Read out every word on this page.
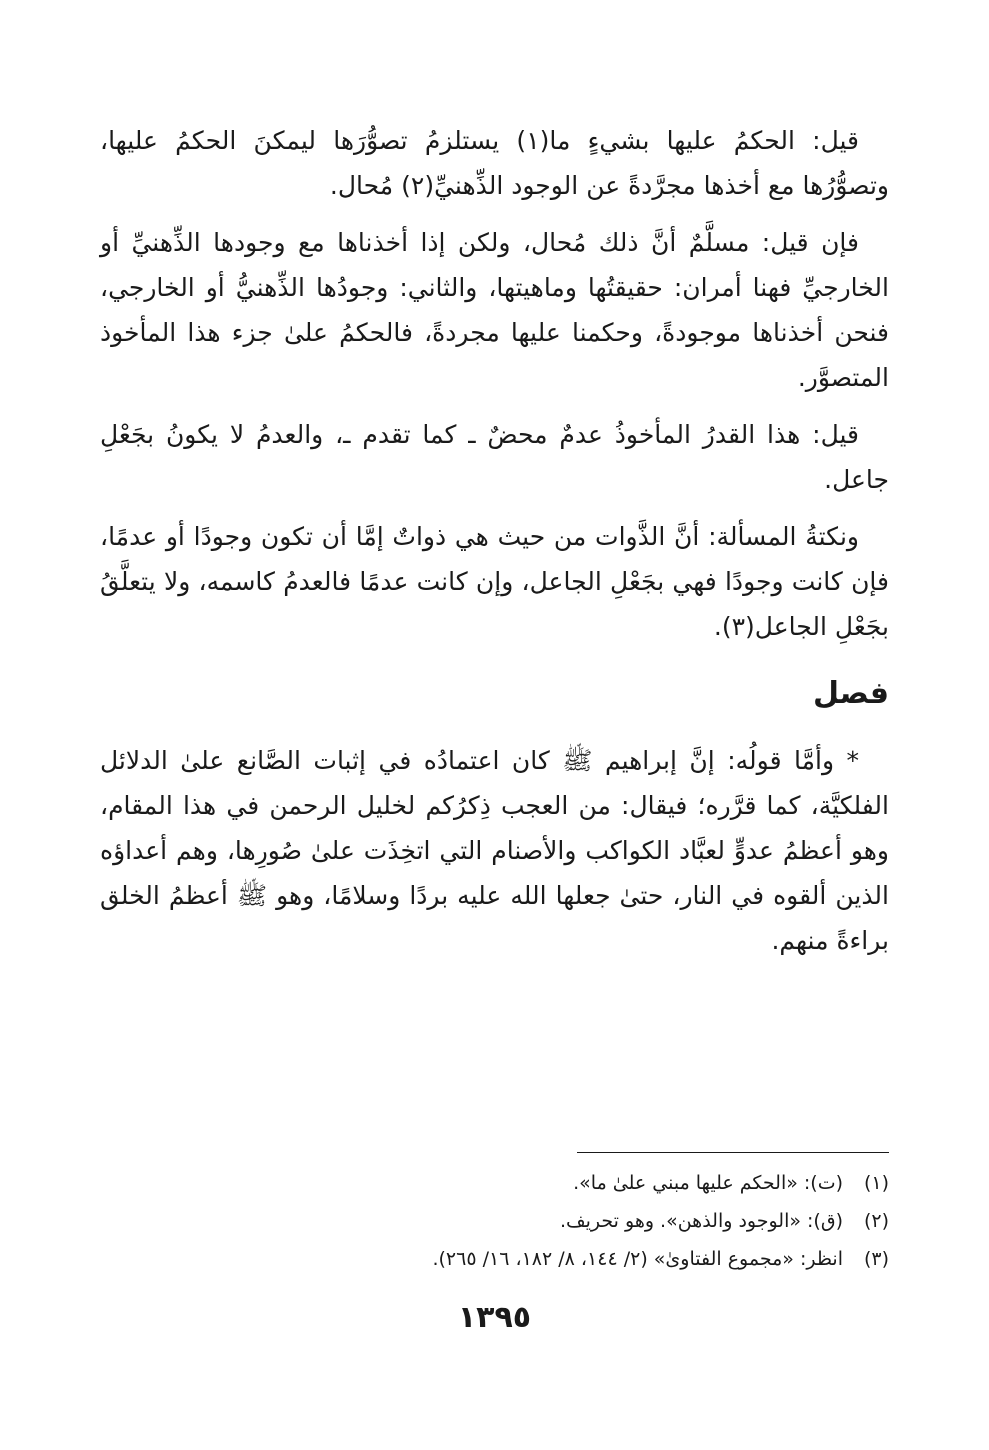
قيل: الحكمُ عليها بشيءٍ ما(١) يستلزمُ تصوُّرَها ليمكنَ الحكمُ عليها، وتصوُّرُها مع أخذها مجرَّدةً عن الوجود الذِّهنيِّ(٢) مُحال.

فإن قيل: مسلَّمٌ أنَّ ذلك مُحال، ولكن إذا أخذناها مع وجودها الذِّهنيِّ أو الخارجيِّ فهنا أمران: حقيقتُها وماهيتها، والثاني: وجودُها الذِّهنيُّ أو الخارجي، فنحن أخذناها موجودةً، وحكمنا عليها مجردةً، فالحكمُ علىٰ جزء هذا المأخوذ المتصوَّر.

قيل: هذا القدرُ المأخوذُ عدمٌ محضٌ ـ كما تقدم ـ، والعدمُ لا يكونُ بجَعْلِ جاعل.

ونكتةُ المسألة: أنَّ الذَّوات من حيث هي ذواتٌ إمَّا أن تكون وجودًا أو عدمًا، فإن كانت وجودًا فهي بجَعْلِ الجاعل، وإن كانت عدمًا فالعدمُ كاسمه، ولا يتعلَّقُ بجَعْلِ الجاعل(٣).

فصل

* وأمَّا قولُه: إنَّ إبراهيم ﷺ كان اعتمادُه في إثبات الصَّانع علىٰ الدلائل الفلكيَّة، كما قرَّره؛ فيقال: من العجب ذِكرُكم لخليل الرحمن في هذا المقام، وهو أعظمُ عدوٍّ لعبَّاد الكواكب والأصنام التي اتخِذَت علىٰ صُورِها، وهم أعداؤه الذين ألقوه في النار، حتىٰ جعلها الله عليه بردًا وسلامًا، وهو ﷺ أعظمُ الخلق براءةً منهم.

(١)(ت): «الحكم عليها مبني علىٰ ما».
(٢)(ق): «الوجود والذهن». وهو تحريف.
(٣)انظر: «مجموع الفتاوىٰ» (٢/ ١٤٤، ٨/ ١٨٢، ١٦/ ٢٦٥).
١٣٩٥
